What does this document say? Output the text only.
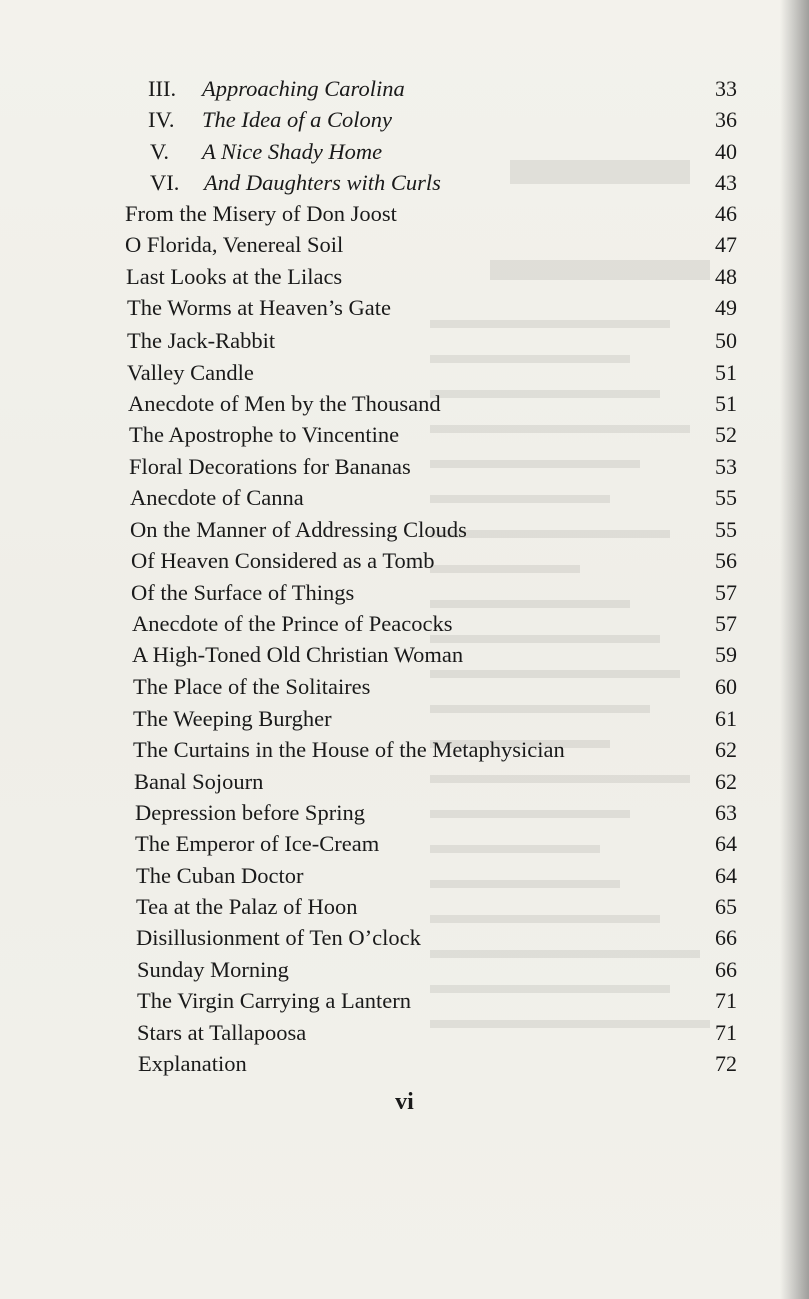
III. Approaching Carolina	33
IV. The Idea of a Colony	36
V. A Nice Shady Home	40
VI. And Daughters with Curls	43
From the Misery of Don Joost	46
O Florida, Venereal Soil	47
Last Looks at the Lilacs	48
The Worms at Heaven’s Gate	49
The Jack-Rabbit	50
Valley Candle	51
Anecdote of Men by the Thousand	51
The Apostrophe to Vincentine	52
Floral Decorations for Bananas	53
Anecdote of Canna	55
On the Manner of Addressing Clouds	55
Of Heaven Considered as a Tomb	56
Of the Surface of Things	57
Anecdote of the Prince of Peacocks	57
A High-Toned Old Christian Woman	59
The Place of the Solitaires	60
The Weeping Burgher	61
The Curtains in the House of the Metaphysician	62
Banal Sojourn	62
Depression before Spring	63
The Emperor of Ice-Cream	64
The Cuban Doctor	64
Tea at the Palaz of Hoon	65
Disillusionment of Ten O’clock	66
Sunday Morning	66
The Virgin Carrying a Lantern	71
Stars at Tallapoosa	71
Explanation	72
vi
